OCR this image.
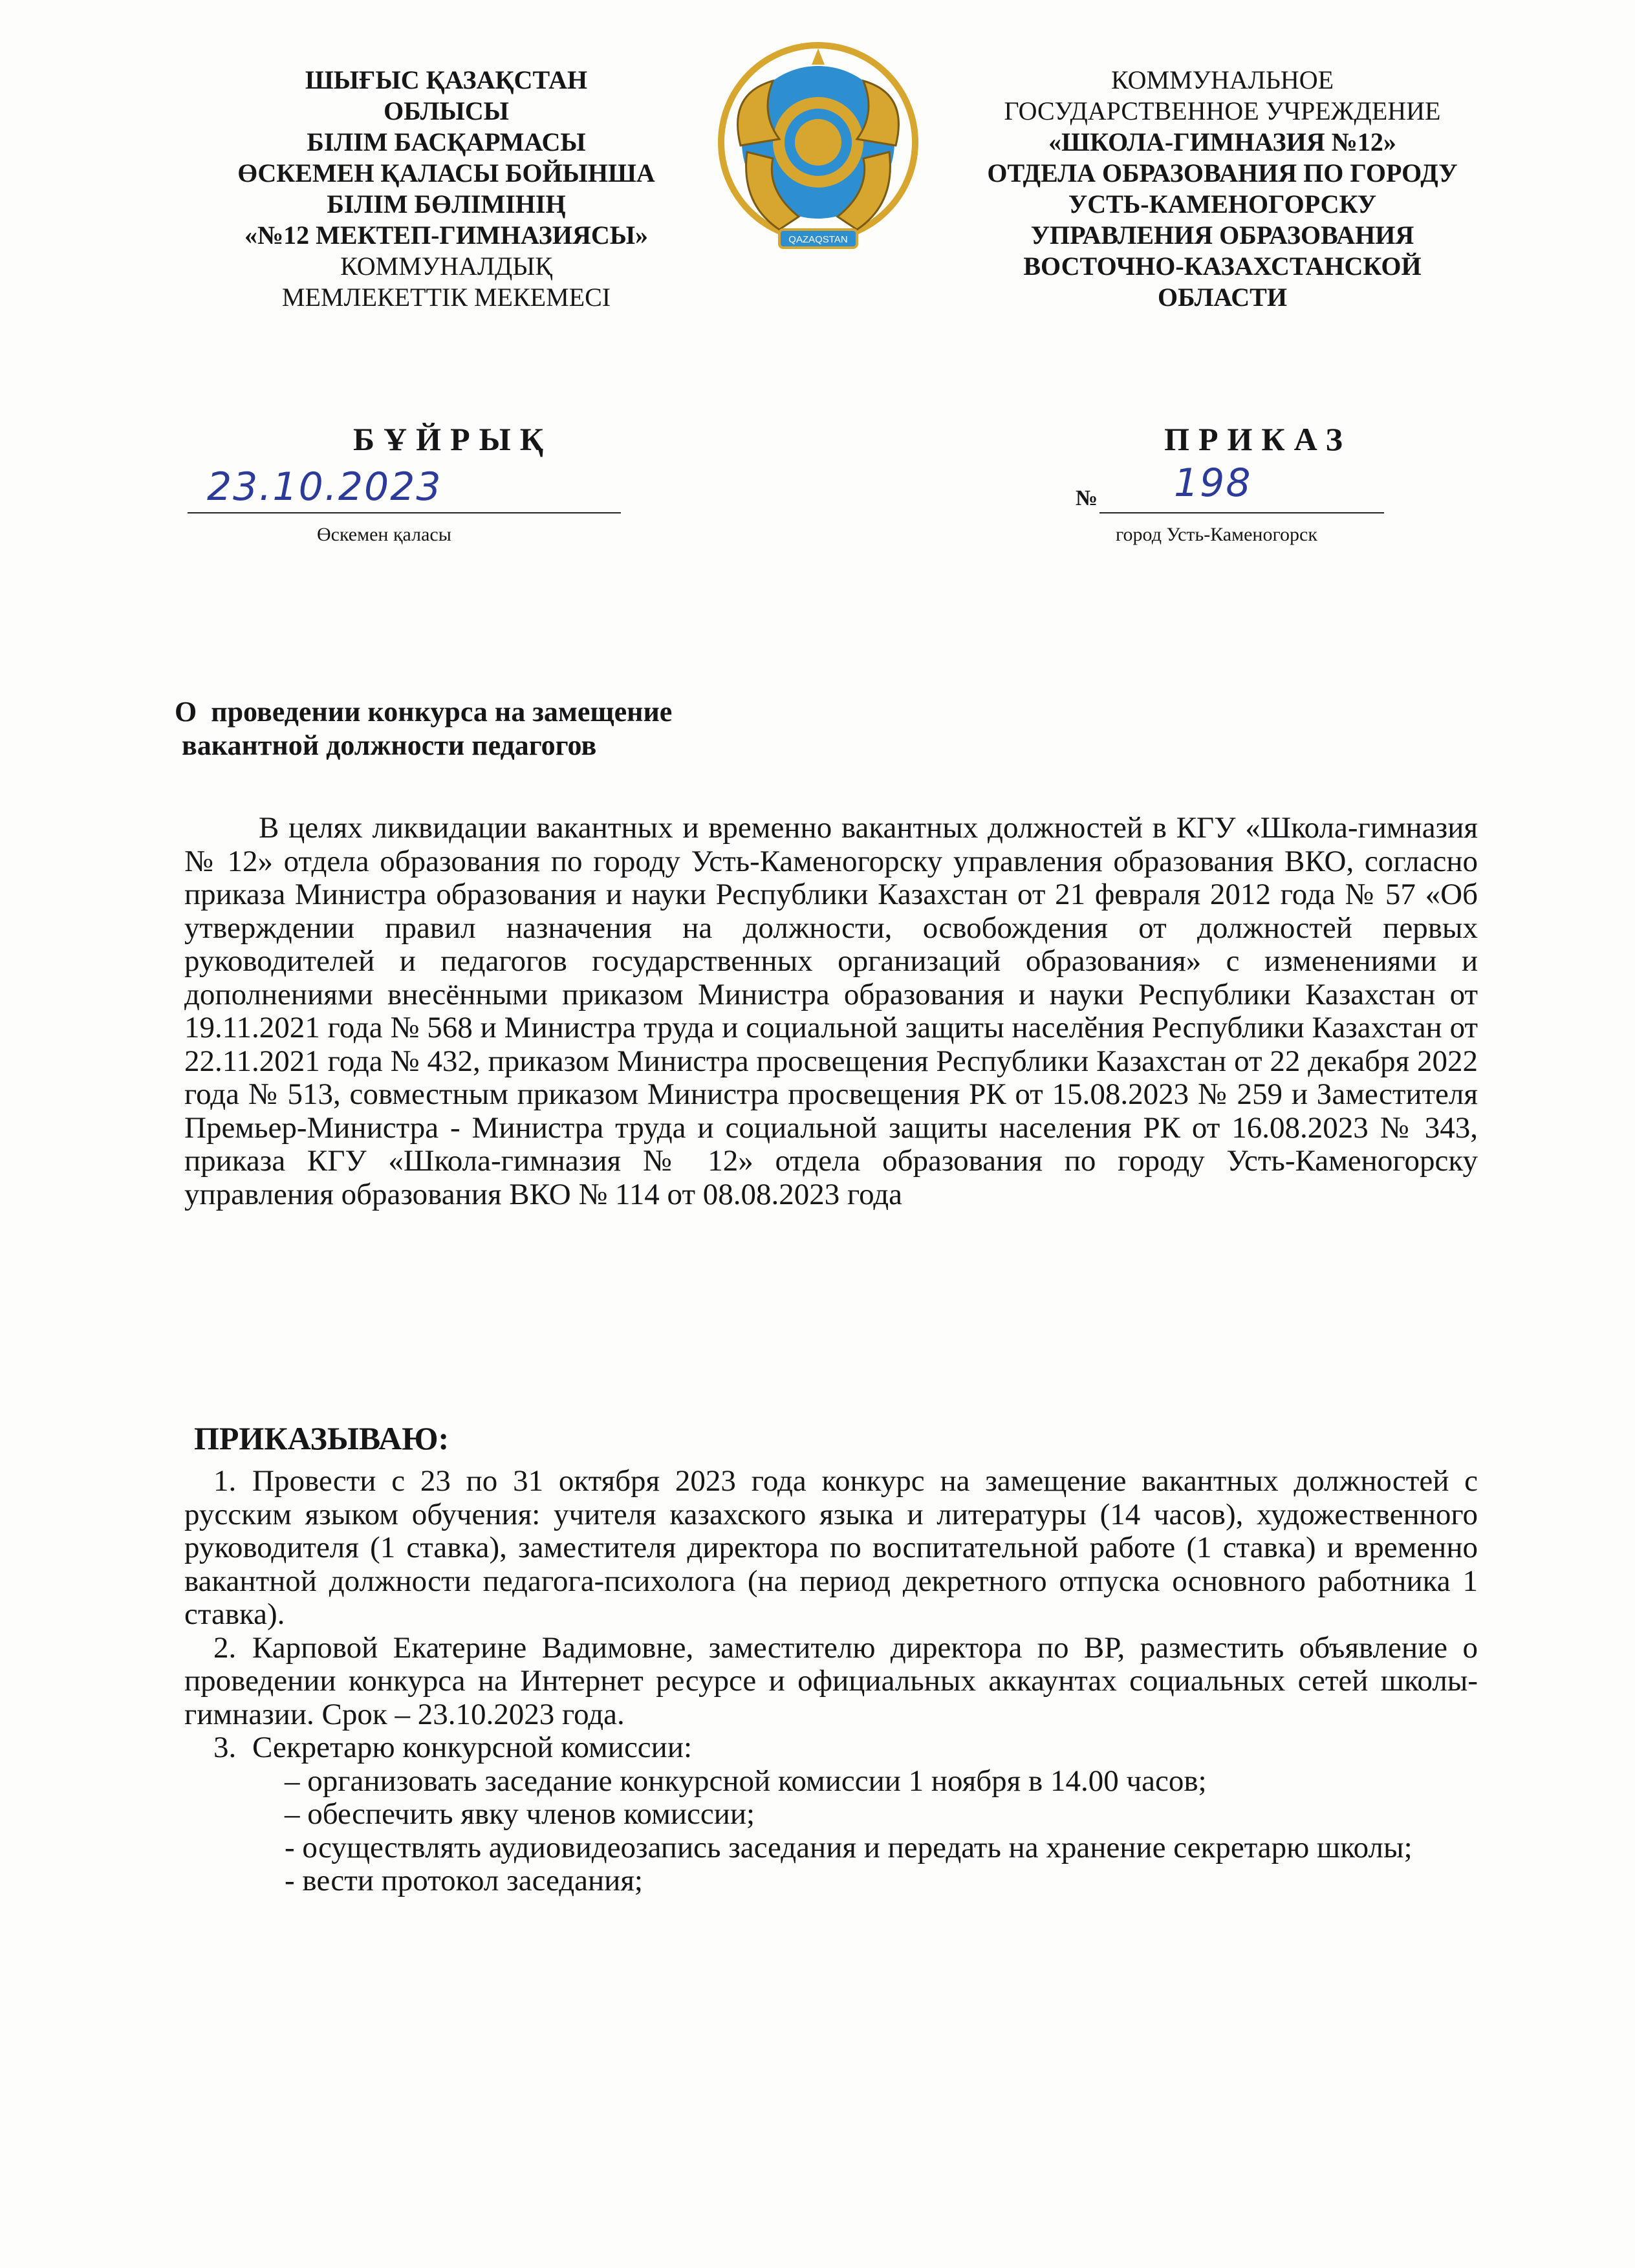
ШЫҒЫС ҚАЗАҚСТАН
ОБЛЫСЫ
БІЛІМ БАСҚАРМАСЫ
ӨСКЕМЕН ҚАЛАСЫ БОЙЫНША
БІЛІМ БӨЛІМІНІҢ
«№12 МЕКТЕП-ГИМНАЗИЯСЫ»
КОММУНАЛДЫҚ
МЕМЛЕКЕТТІК МЕКЕМЕСІ
QAZAQSTAN
КОММУНАЛЬНОЕ
ГОСУДАРСТВЕННОЕ УЧРЕЖДЕНИЕ
«ШКОЛА-ГИМНАЗИЯ №12»
ОТДЕЛА ОБРАЗОВАНИЯ ПО ГОРОДУ
УСТЬ-КАМЕНОГОРСКУ
УПРАВЛЕНИЯ ОБРАЗОВАНИЯ
ВОСТОЧНО-КАЗАХСТАНСКОЙ
ОБЛАСТИ
БҰЙРЫҚ	ПРИКАЗ
23.10.2023	№ 198
Өскемен қаласы	город Усть-Каменогорск
О  проведении конкурса на замещение
вакантной должности педагогов

В целях ликвидации вакантных и временно вакантных должностей в КГУ «Школа-гимназия № 12» отдела образования по городу Усть-Каменогорску управления образования ВКО, согласно приказа Министра образования и науки Республики Казахстан от 21 февраля 2012 года № 57 «Об утверждении правил назначения на должности, освобождения от должностей первых руководителей и педагогов государственных организаций образования» с изменениями и дополнениями внесёнными приказом Министра образования и науки Республики Казахстан от 19.11.2021 года № 568 и Министра труда и социальной защиты населӗния Республики Казахстан от 22.11.2021 года № 432, приказом Министра просвещения Республики Казахстан от 22 декабря 2022 года № 513, совместным приказом Министра просвещения РК от 15.08.2023 № 259 и Заместителя Премьер-Министра - Министра труда и социальной защиты населения РК от 16.08.2023 № 343, приказа КГУ «Школа-гимназия № 12» отдела образования по городу Усть-Каменогорску управления образования ВКО № 114 от 08.08.2023 года

ПРИКАЗЫВАЮ:
1. Провести с 23 по 31 октября 2023 года конкурс на замещение вакантных должностей с русским языком обучения: учителя казахского языка и литературы (14 часов), художественного руководителя (1 ставка), заместителя директора по воспитательной работе (1 ставка) и временно вакантной должности педагога-психолога (на период декретного отпуска основного работника 1 ставка).
2. Карповой Екатерине Вадимовне, заместителю директора по ВР, разместить объявление о проведении конкурса на Интернет ресурсе и официальных аккаунтах социальных сетей школы-гимназии. Срок – 23.10.2023 года.
3. Секретарю конкурсной комиссии:
– организовать заседание конкурсной комиссии 1 ноября в 14.00 часов;
– обеспечить явку членов комиссии;
- осуществлять аудиовидеозапись заседания и передать на хранение секретарю школы;
- вести протокол заседания;
